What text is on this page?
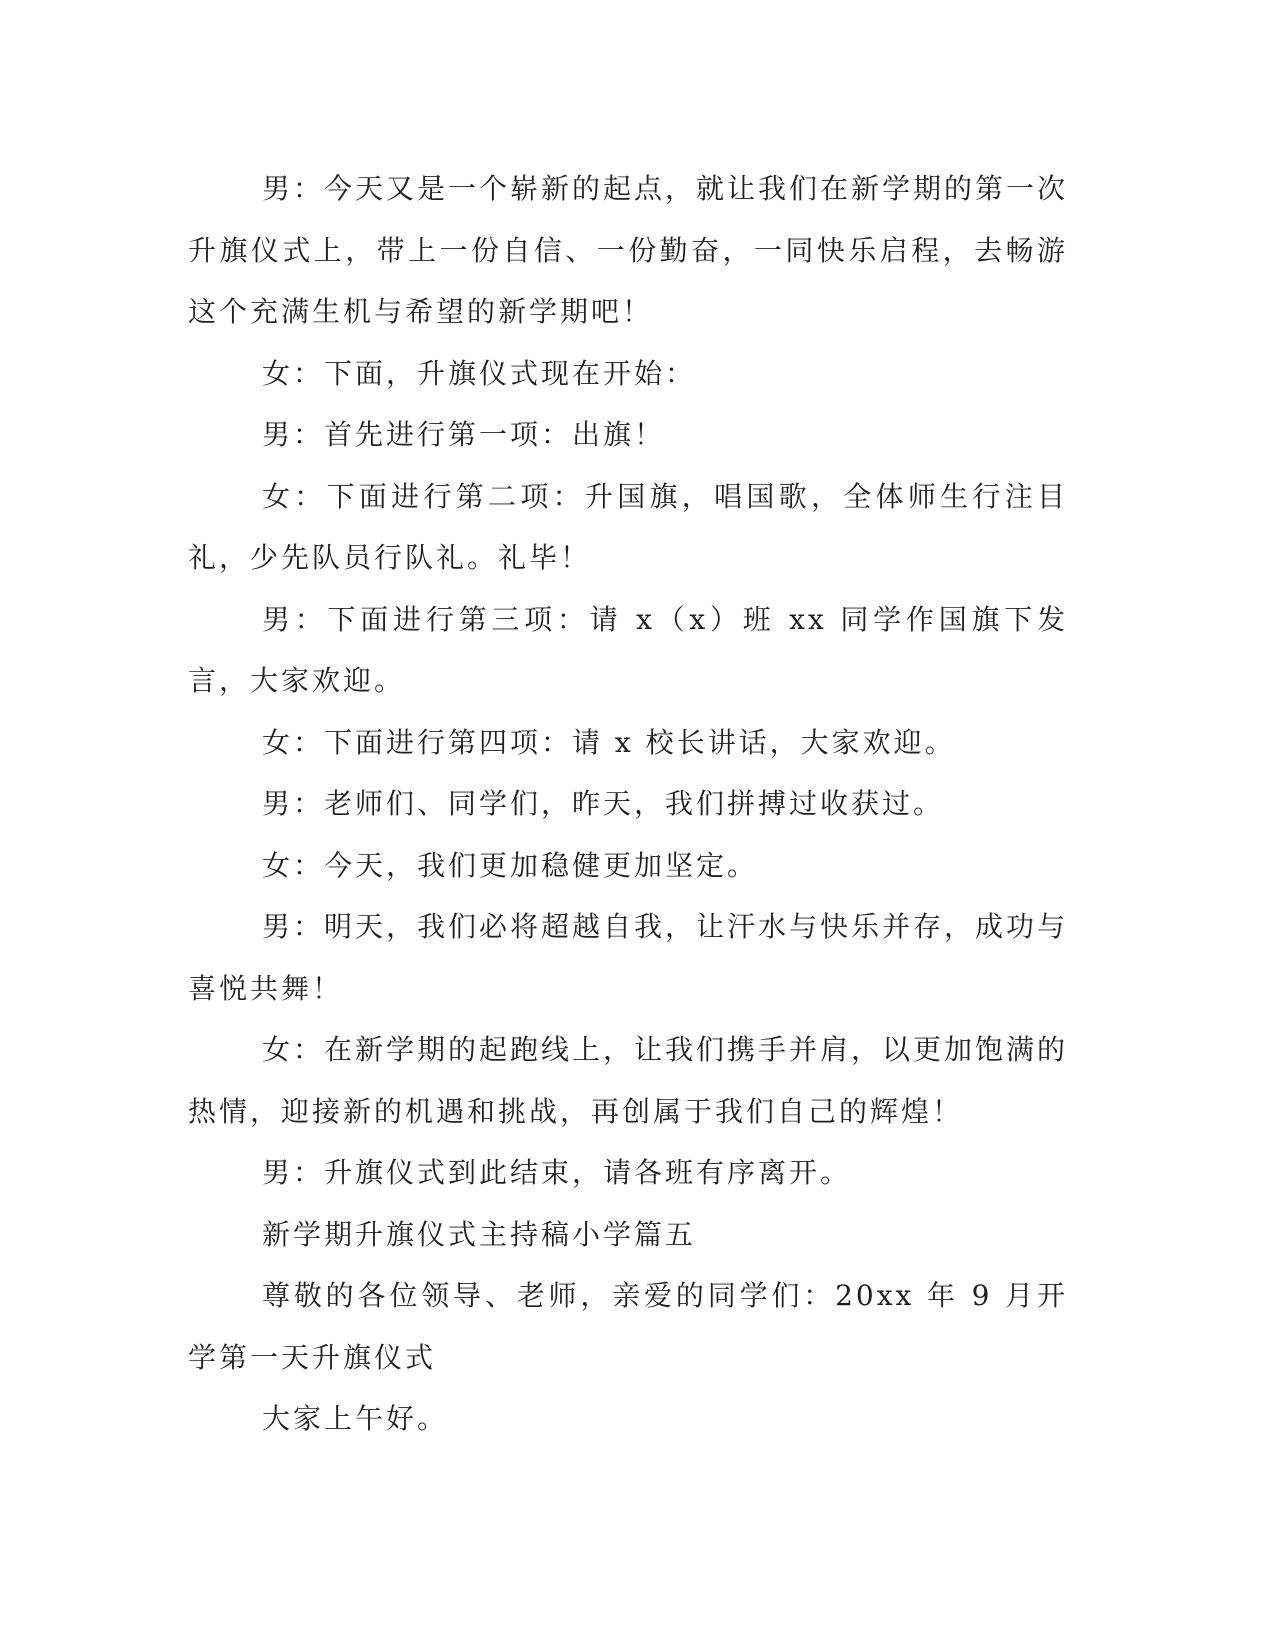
男：今天又是一个崭新的起点，就让我们在新学期的第一次升旗仪式上，带上一份自信、一份勤奋，一同快乐启程，去畅游这个充满生机与希望的新学期吧！

女：下面，升旗仪式现在开始：

男：首先进行第一项：出旗！

女：下面进行第二项：升国旗，唱国歌，全体师生行注目礼，少先队员行队礼。礼毕！

男：下面进行第三项：请 x（x）班 xx 同学作国旗下发言，大家欢迎。

女：下面进行第四项：请 x 校长讲话，大家欢迎。

男：老师们、同学们，昨天，我们拼搏过收获过。

女：今天，我们更加稳健更加坚定。

男：明天，我们必将超越自我，让汗水与快乐并存，成功与喜悦共舞！

女：在新学期的起跑线上，让我们携手并肩，以更加饱满的热情，迎接新的机遇和挑战，再创属于我们自己的辉煌！

男：升旗仪式到此结束，请各班有序离开。

新学期升旗仪式主持稿小学篇五

尊敬的各位领导、老师，亲爱的同学们：20xx 年 9 月开学第一天升旗仪式

大家上午好。
